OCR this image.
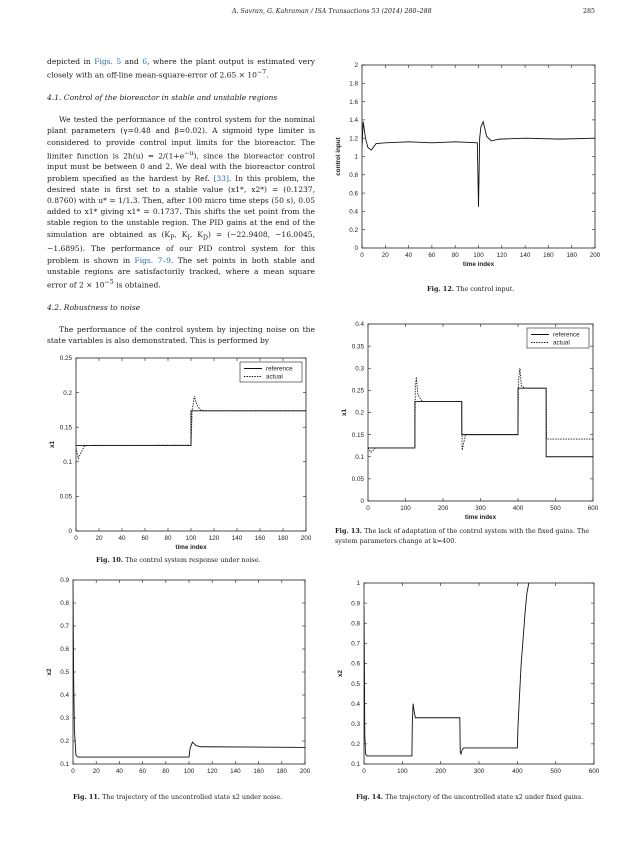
A. Savran, G. Kahraman / ISA Transactions 53 (2014) 280–288	285

depicted in Figs. 5 and 6, where the plant output is estimated very closely with an off-line mean-square-error of $2.65 \times 10^{-7}$.

4.1. Control of the bioreactor in stable and unstable regions

We tested the performance of the control system for the nominal plant parameters (γ=0.48 and β=0.02). A sigmoid type limiter is considered to provide control input limits for the bioreactor. The limiter function is $2h(u) = 2/(1+e^{-u})$, since the bioreactor control input must be between 0 and 2. We deal with the bioreactor control problem specified as the hardest by Ref. [33]. In this problem, the desired state is first set to a stable value (x1*, x2*) = (0.1237, 0.8760) with u* = 1/1.3. Then, after 100 micro time steps (50 s), 0.05 added to x1* giving x1* = 0.1737. This shifts the set point from the stable region to the unstable region. The PID gains at the end of the simulation are obtained as ($K_P$, $K_I$, $K_D) = (-22.9408$, −16.0045, −1.6895). The performance of our PID control system for this problem is shown in Figs. 7–9. The set points in both stable and unstable regions are satisfactorily tracked, where a mean square error of $2 \times 10^{-5}$ is obtained.

4.2. Robustness to noise

The performance of the control system by injecting noise on the state variables is also demonstrated. This is performed by

0	20	40	60	80 100 120 140 160 180 200
0
0.05
0.1
0.15
0.2
0.25
time index
x1
reference
actual
0	20	40	60	80 100 120 140 160 180 200
0.1
0.2
0.3
0.4
0.5
0.6
0.7
0.8
0.9
x2
0	20	40	60	80 100 120 140 160 180 200
0
0.2
0.4
0.6
0.8
1
1.2
1.4
1.6
1.8
2
time index
control input
0	100	200	300	400	500	600
0
0.05
0.1
0.15
0.2
0.25
0.3
0.35
0.4
time index
x1
reference
actual
0	100	200	300	400	500	600
0.1
0.2
0.3
0.4
0.5
0.6
0.7
0.8
0.9
1
x2
Fig. 10. The control system response under noise.
Fig. 11. The trajectory of the uncontrolled state x2 under noise.
Fig. 12. The control input.
Fig. 13. The lack of adaptation of the control system with the fixed gains. The system parameters change at k=400.
Fig. 14. The trajectory of the uncontrolled state x2 under fixed gains.
